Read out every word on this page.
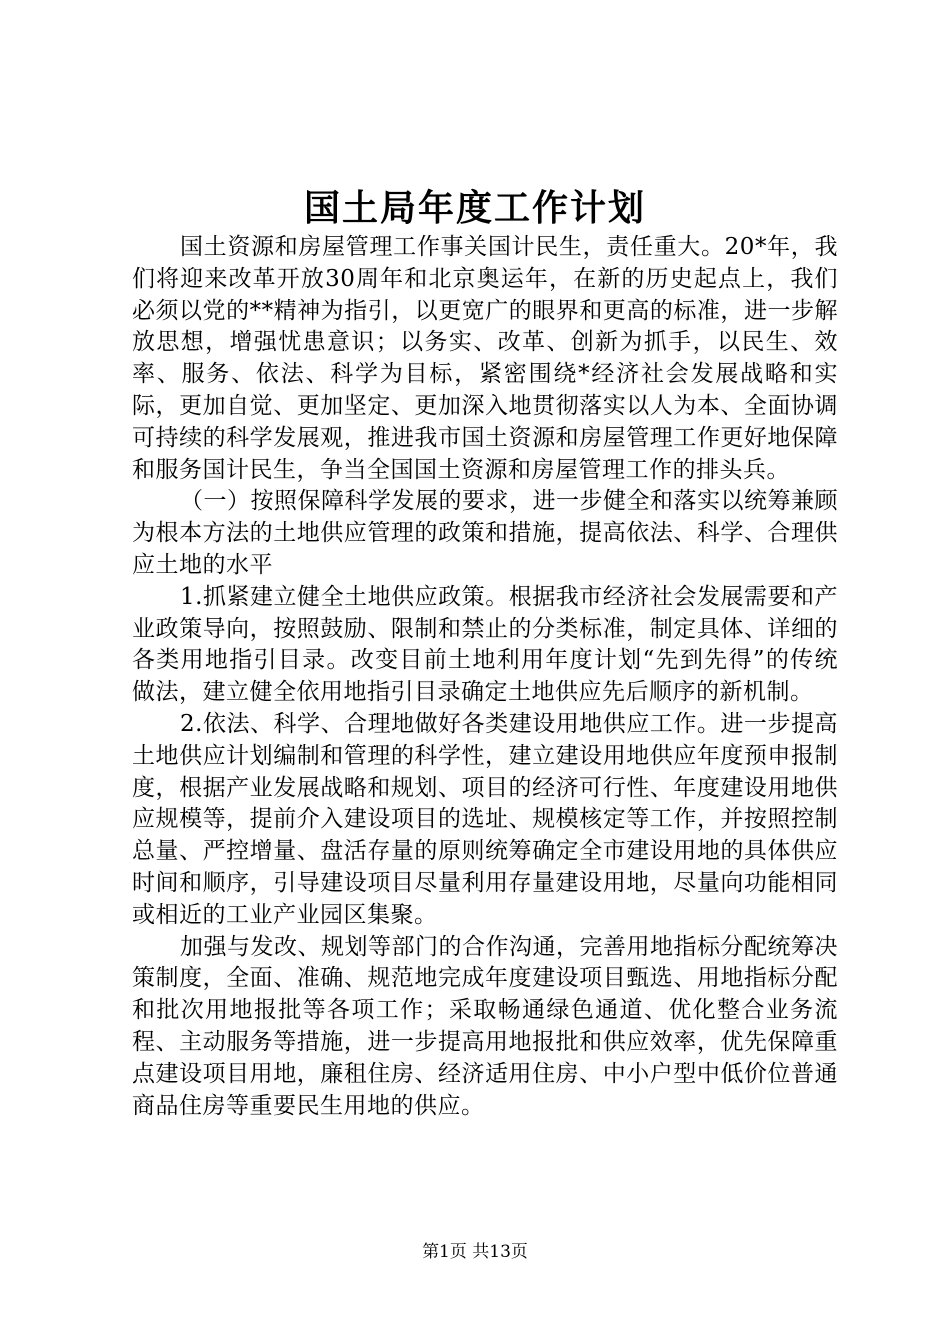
国土局年度工作计划

国土资源和房屋管理工作事关国计民生，责任重大。20*年，我们将迎来改革开放30周年和北京奥运年，在新的历史起点上，我们必须以党的**精神为指引，以更宽广的眼界和更高的标准，进一步解放思想，增强忧患意识；以务实、改革、创新为抓手，以民生、效率、服务、依法、科学为目标，紧密围绕*经济社会发展战略和实际，更加自觉、更加坚定、更加深入地贯彻落实以人为本、全面协调可持续的科学发展观，推进我市国土资源和房屋管理工作更好地保障和服务国计民生，争当全国国土资源和房屋管理工作的排头兵。

（一）按照保障科学发展的要求，进一步健全和落实以统筹兼顾为根本方法的土地供应管理的政策和措施，提高依法、科学、合理供应土地的水平

1.抓紧建立健全土地供应政策。根据我市经济社会发展需要和产业政策导向，按照鼓励、限制和禁止的分类标准，制定具体、详细的各类用地指引目录。改变目前土地利用年度计划“先到先得”的传统做法，建立健全依用地指引目录确定土地供应先后顺序的新机制。

2.依法、科学、合理地做好各类建设用地供应工作。进一步提高土地供应计划编制和管理的科学性，建立建设用地供应年度预申报制度，根据产业发展战略和规划、项目的经济可行性、年度建设用地供应规模等，提前介入建设项目的选址、规模核定等工作，并按照控制总量、严控增量、盘活存量的原则统筹确定全市建设用地的具体供应时间和顺序，引导建设项目尽量利用存量建设用地，尽量向功能相同或相近的工业产业园区集聚。

加强与发改、规划等部门的合作沟通，完善用地指标分配统筹决策制度，全面、准确、规范地完成年度建设项目甄选、用地指标分配和批次用地报批等各项工作；采取畅通绿色通道、优化整合业务流程、主动服务等措施，进一步提高用地报批和供应效率，优先保障重点建设项目用地，廉租住房、经济适用住房、中小户型中低价位普通商品住房等重要民生用地的供应。

第1页 共13页
